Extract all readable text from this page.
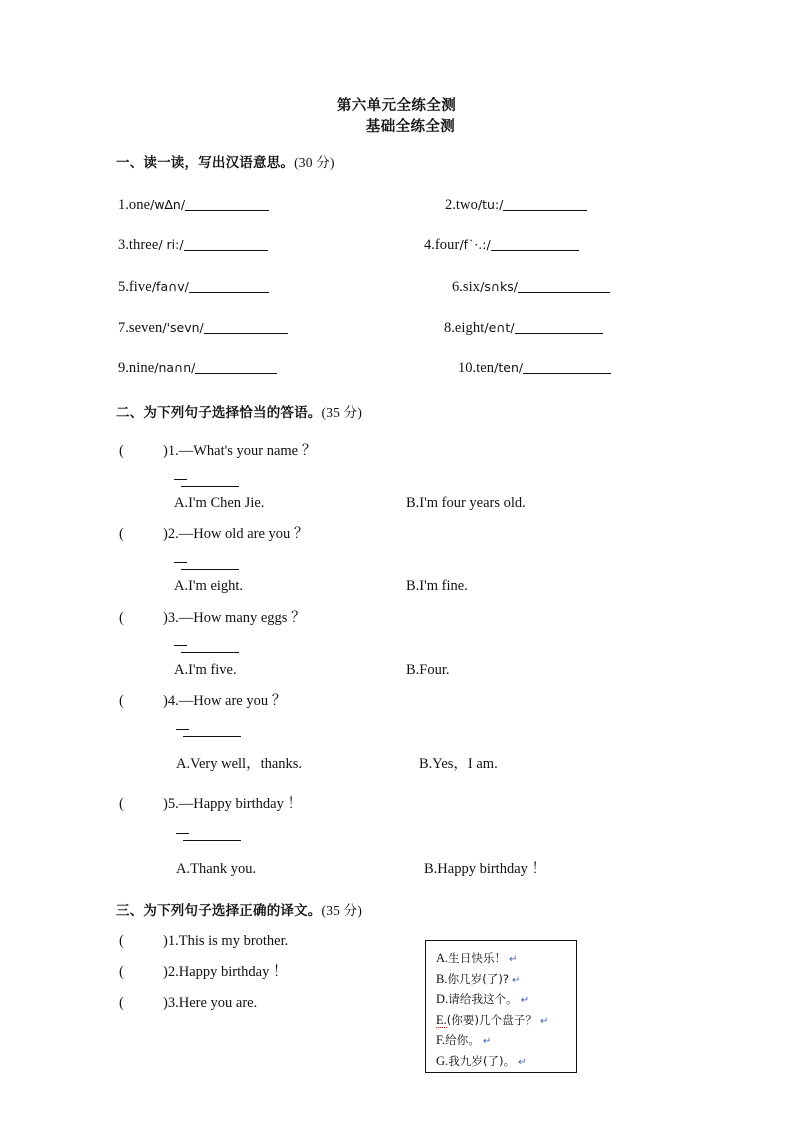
第六单元全练全测
基础全练全测
一、读一读，写出汉语意思。(30 分)
1.one/w∆n/	2.two/tu:/
3.three/ ri:/	4.four/f˙·.:/
5.five/fa∩v/	6.six/s∩ks/
7.seven/'sevn/	8.eight/e∩t/
9.nine/na∩n/	10.ten/ten/
二、为下列句子选择恰当的答语。(35 分)
(	)1.—What's your name ？
A.I'm Chen Jie.	B.I'm four years old.
(	)2.—How old are you ？
A.I'm eight.	B.I'm fine.
(	)3.—How many eggs ？
A.I'm five.	B.Four.
(	)4.—How are you ？
A.Very well，thanks.	B.Yes，I am.
(	)5.—Happy birthday ！
A.Thank you.	B.Happy birthday ！
三、为下列句子选择正确的译文。(35 分)
(	)1.This is my brother.
(	)2.Happy birthday ！
(	)3.Here you are.
A.生日快乐！ ↵
B.你几岁(了)? ↵
D.请给我这个。 ↵
E.(你要)几个盘子？ ↵
F.给你。 ↵
G.我九岁(了)。 ↵
